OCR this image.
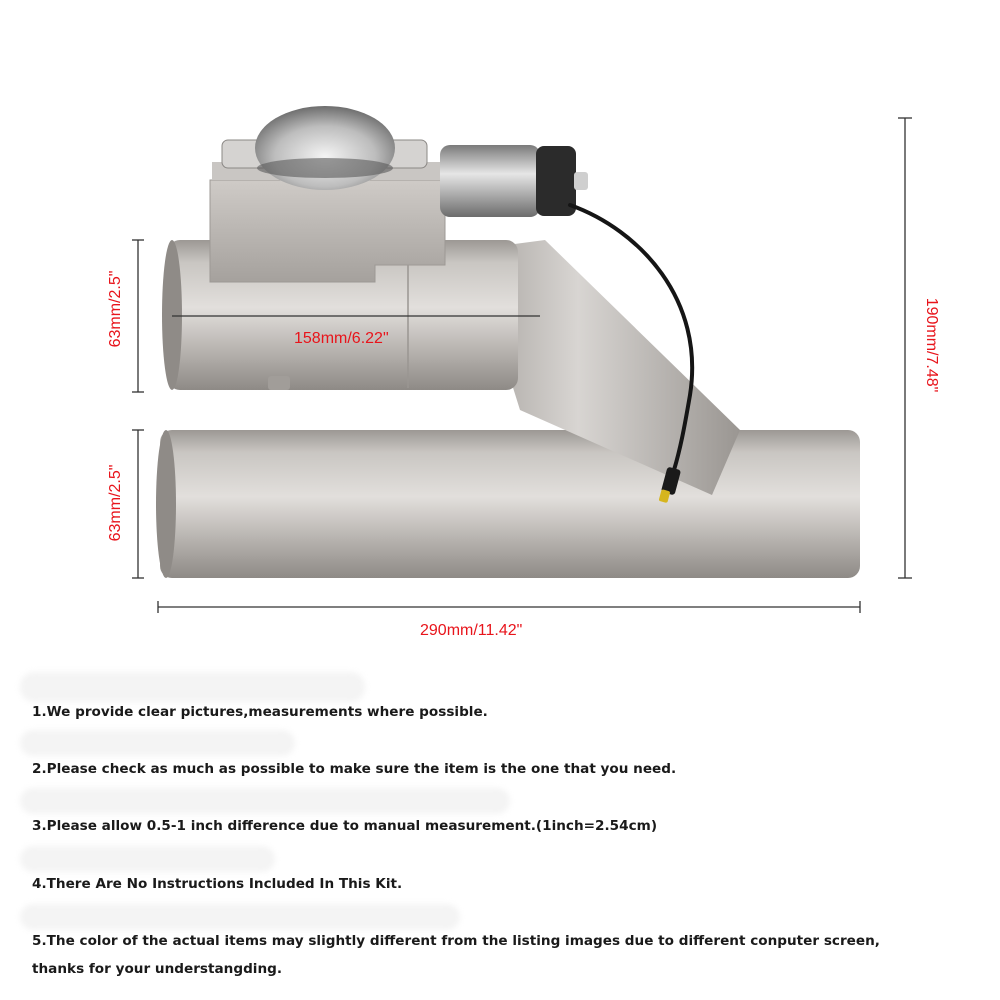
63mm/2.5"
63mm/2.5"
158mm/6.22"	190mm/7.48"
290mm/11.42"
1.We provide clear pictures,measurements where possible.
2.Please check as much as possible to make sure the item is the one that you need.
3.Please allow 0.5-1 inch difference due to manual measurement.(1inch=2.54cm)
4.There Are No Instructions Included In This Kit.
5.The color of the actual items may slightly different from the listing images due to different conputer screen,
thanks for your understangding.
